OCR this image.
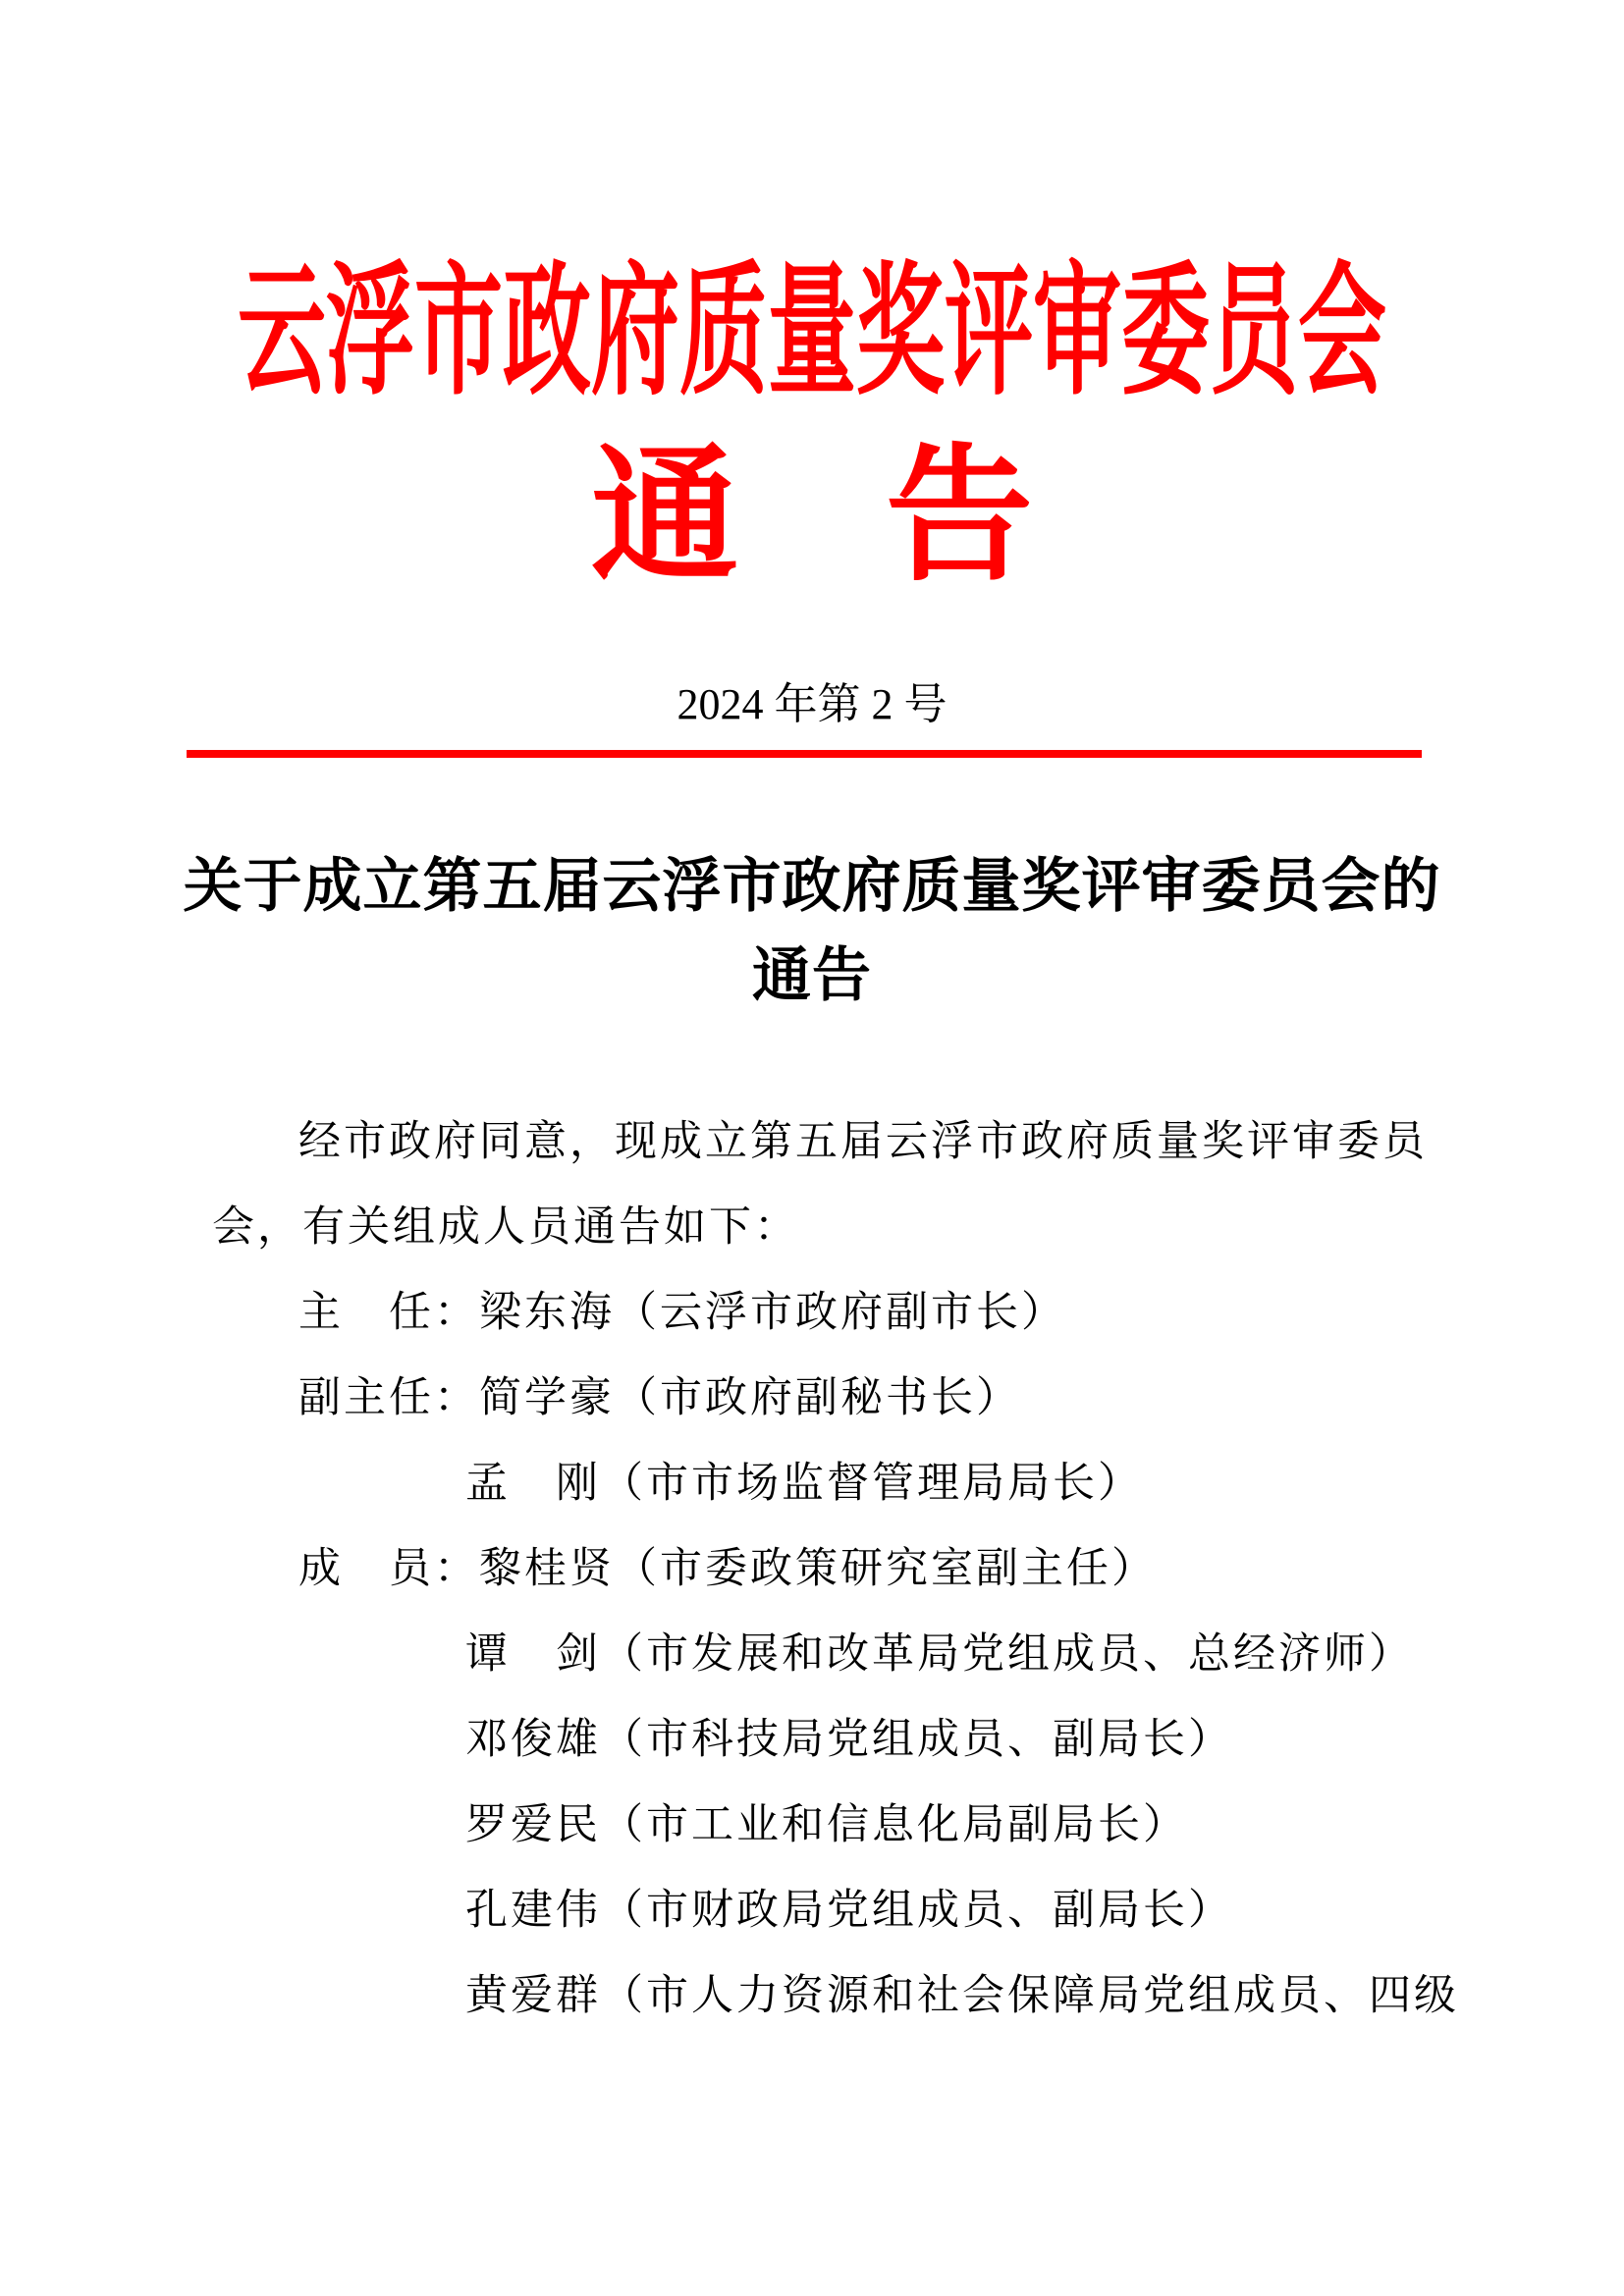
云浮市政府质量奖评审委员会
通　告
2024 年第 2 号
关于成立第五届云浮市政府质量奖评审委员会的
通告
经市政府同意，现成立第五届云浮市政府质量奖评审委员
会，有关组成人员通告如下：
主　任：梁东海（云浮市政府副市长）
副主任：简学豪（市政府副秘书长）
孟　刚（市市场监督管理局局长）
成　员：黎桂贤（市委政策研究室副主任）
谭　剑（市发展和改革局党组成员、总经济师）
邓俊雄（市科技局党组成员、副局长）
罗爱民（市工业和信息化局副局长）
孔建伟（市财政局党组成员、副局长）
黄爱群（市人力资源和社会保障局党组成员、四级
